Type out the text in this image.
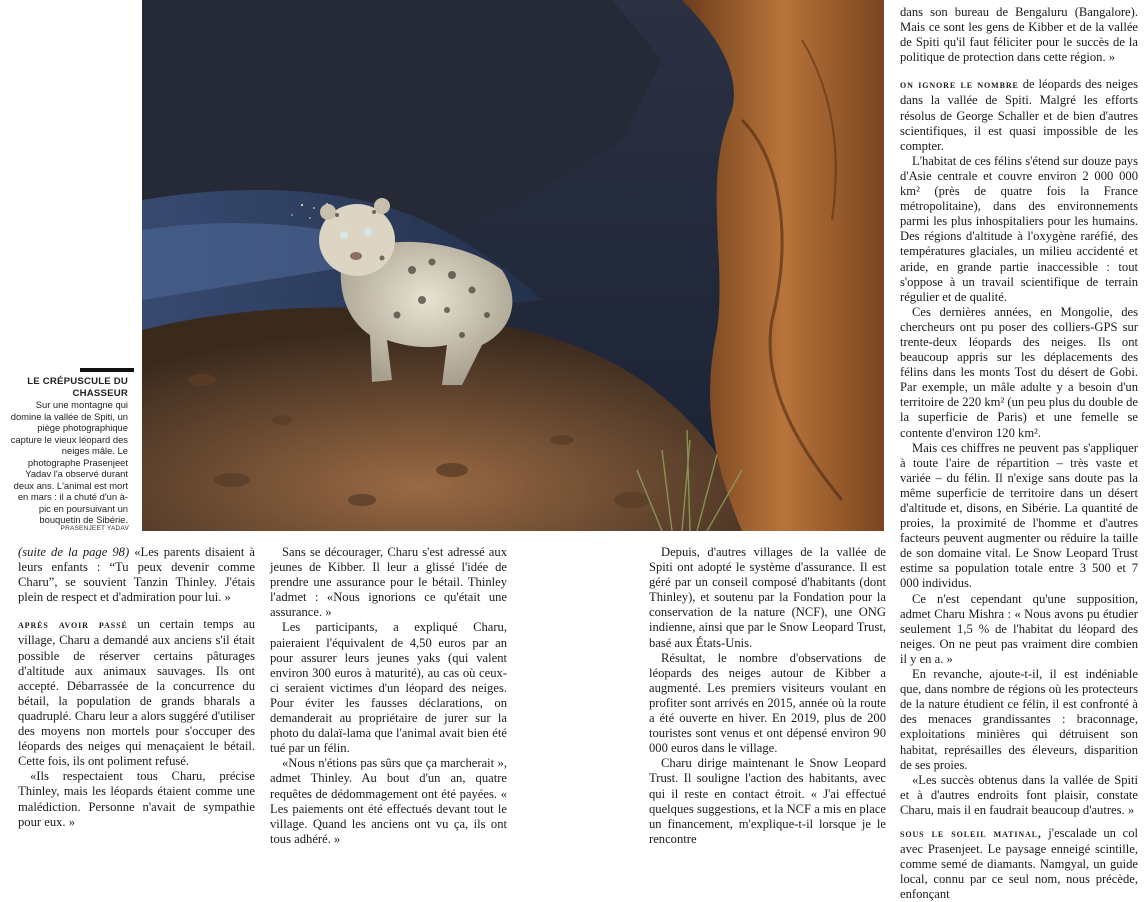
PRASENJEET YADAV
LE CRÉPUSCULE DU CHASSEUR
Sur une montagne qui domine la vallée de Spiti, un piège photographique capture le vieux léopard des neiges mâle. Le photographe Prasenjeet Yadav l'a observé durant deux ans. L'animal est mort en mars : il a chuté d'un à-pic en poursuivant un bouquetin de Sibérie.

(suite de la page 98) «Les parents disaient à leurs enfants : “Tu peux devenir comme Charu”, se souvient Tanzin Thinley. J'étais plein de respect et d'admiration pour lui. »

après avoir passé un certain temps au village, Charu a demandé aux anciens s'il était possible de réserver certains pâturages d'altitude aux animaux sauvages. Ils ont accepté. Débarrassée de la concurrence du bétail, la population de grands bharals a quadruplé. Charu leur a alors suggéré d'utiliser des moyens non mortels pour s'occuper des léopards des neiges qui menaçaient le bétail. Cette fois, ils ont poliment refusé.

«Ils respectaient tous Charu, précise Thinley, mais les léopards étaient comme une malédiction. Personne n'avait de sympathie pour eux. »

Sans se décourager, Charu s'est adressé aux jeunes de Kibber. Il leur a glissé l'idée de prendre une assurance pour le bétail. Thinley l'admet : «Nous ignorions ce qu'était une assurance. »

Les participants, a expliqué Charu, paieraient l'équivalent de 4,50 euros par an pour assurer leurs jeunes yaks (qui valent environ 300 euros à maturité), au cas où ceux-ci seraient victimes d'un léopard des neiges. Pour éviter les fausses déclarations, on demanderait au propriétaire de jurer sur la photo du dalaï-lama que l'animal avait bien été tué par un félin.

«Nous n'étions pas sûrs que ça marcherait », admet Thinley. Au bout d'un an, quatre requêtes de dédommagement ont été payées. « Les paiements ont été effectués devant tout le village. Quand les anciens ont vu ça, ils ont tous adhéré. »

Depuis, d'autres villages de la vallée de Spiti ont adopté le système d'assurance. Il est géré par un conseil composé d'habitants (dont Thinley), et soutenu par la Fondation pour la conservation de la nature (NCF), une ONG indienne, ainsi que par le Snow Leopard Trust, basé aux États-Unis.

Résultat, le nombre d'observations de léopards des neiges autour de Kibber a augmenté. Les premiers visiteurs voulant en profiter sont arrivés en 2015, année où la route a été ouverte en hiver. En 2019, plus de 200 touristes sont venus et ont dépensé environ 90 000 euros dans le village.

Charu dirige maintenant le Snow Leopard Trust. Il souligne l'action des habitants, avec qui il reste en contact étroit. « J'ai effectué quelques suggestions, et la NCF a mis en place un financement, m'explique-t-il lorsque je le rencontre

dans son bureau de Bengaluru (Bangalore). Mais ce sont les gens de Kibber et de la vallée de Spiti qu'il faut féliciter pour le succès de la politique de protection dans cette région. »

on ignore le nombre de léopards des neiges dans la vallée de Spiti. Malgré les efforts résolus de George Schaller et de bien d'autres scientifiques, il est quasi impossible de les compter.

L'habitat de ces félins s'étend sur douze pays d'Asie centrale et couvre environ 2 000 000 km² (près de quatre fois la France métropolitaine), dans des environnements parmi les plus inhospitaliers pour les humains. Des régions d'altitude à l'oxygène raréfié, des températures glaciales, un milieu accidenté et aride, en grande partie inaccessible : tout s'oppose à un travail scientifique de terrain régulier et de qualité.

Ces dernières années, en Mongolie, des chercheurs ont pu poser des colliers-GPS sur trente-deux léopards des neiges. Ils ont beaucoup appris sur les déplacements des félins dans les monts Tost du désert de Gobi. Par exemple, un mâle adulte y a besoin d'un territoire de 220 km² (un peu plus du double de la superficie de Paris) et une femelle se contente d'environ 120 km².

Mais ces chiffres ne peuvent pas s'appliquer à toute l'aire de répartition – très vaste et variée – du félin. Il n'exige sans doute pas la même superficie de territoire dans un désert d'altitude et, disons, en Sibérie. La quantité de proies, la proximité de l'homme et d'autres facteurs peuvent augmenter ou réduire la taille de son domaine vital. Le Snow Leopard Trust estime sa population totale entre 3 500 et 7 000 individus.

Ce n'est cependant qu'une supposition, admet Charu Mishra : « Nous avons pu étudier seulement 1,5 % de l'habitat du léopard des neiges. On ne peut pas vraiment dire combien il y en a. »

En revanche, ajoute-t-il, il est indéniable que, dans nombre de régions où les protecteurs de la nature étudient ce félin, il est confronté à des menaces grandissantes : braconnage, exploitations minières qui détruisent son habitat, représailles des éleveurs, disparition de ses proies.

«Les succès obtenus dans la vallée de Spiti et à d'autres endroits font plaisir, constate Charu, mais il en faudrait beaucoup d'autres. »

sous le soleil matinal, j'escalade un col avec Prasenjeet. Le paysage enneigé scintille, comme semé de diamants. Namgyal, un guide local, connu par ce seul nom, nous précède, enfonçant
